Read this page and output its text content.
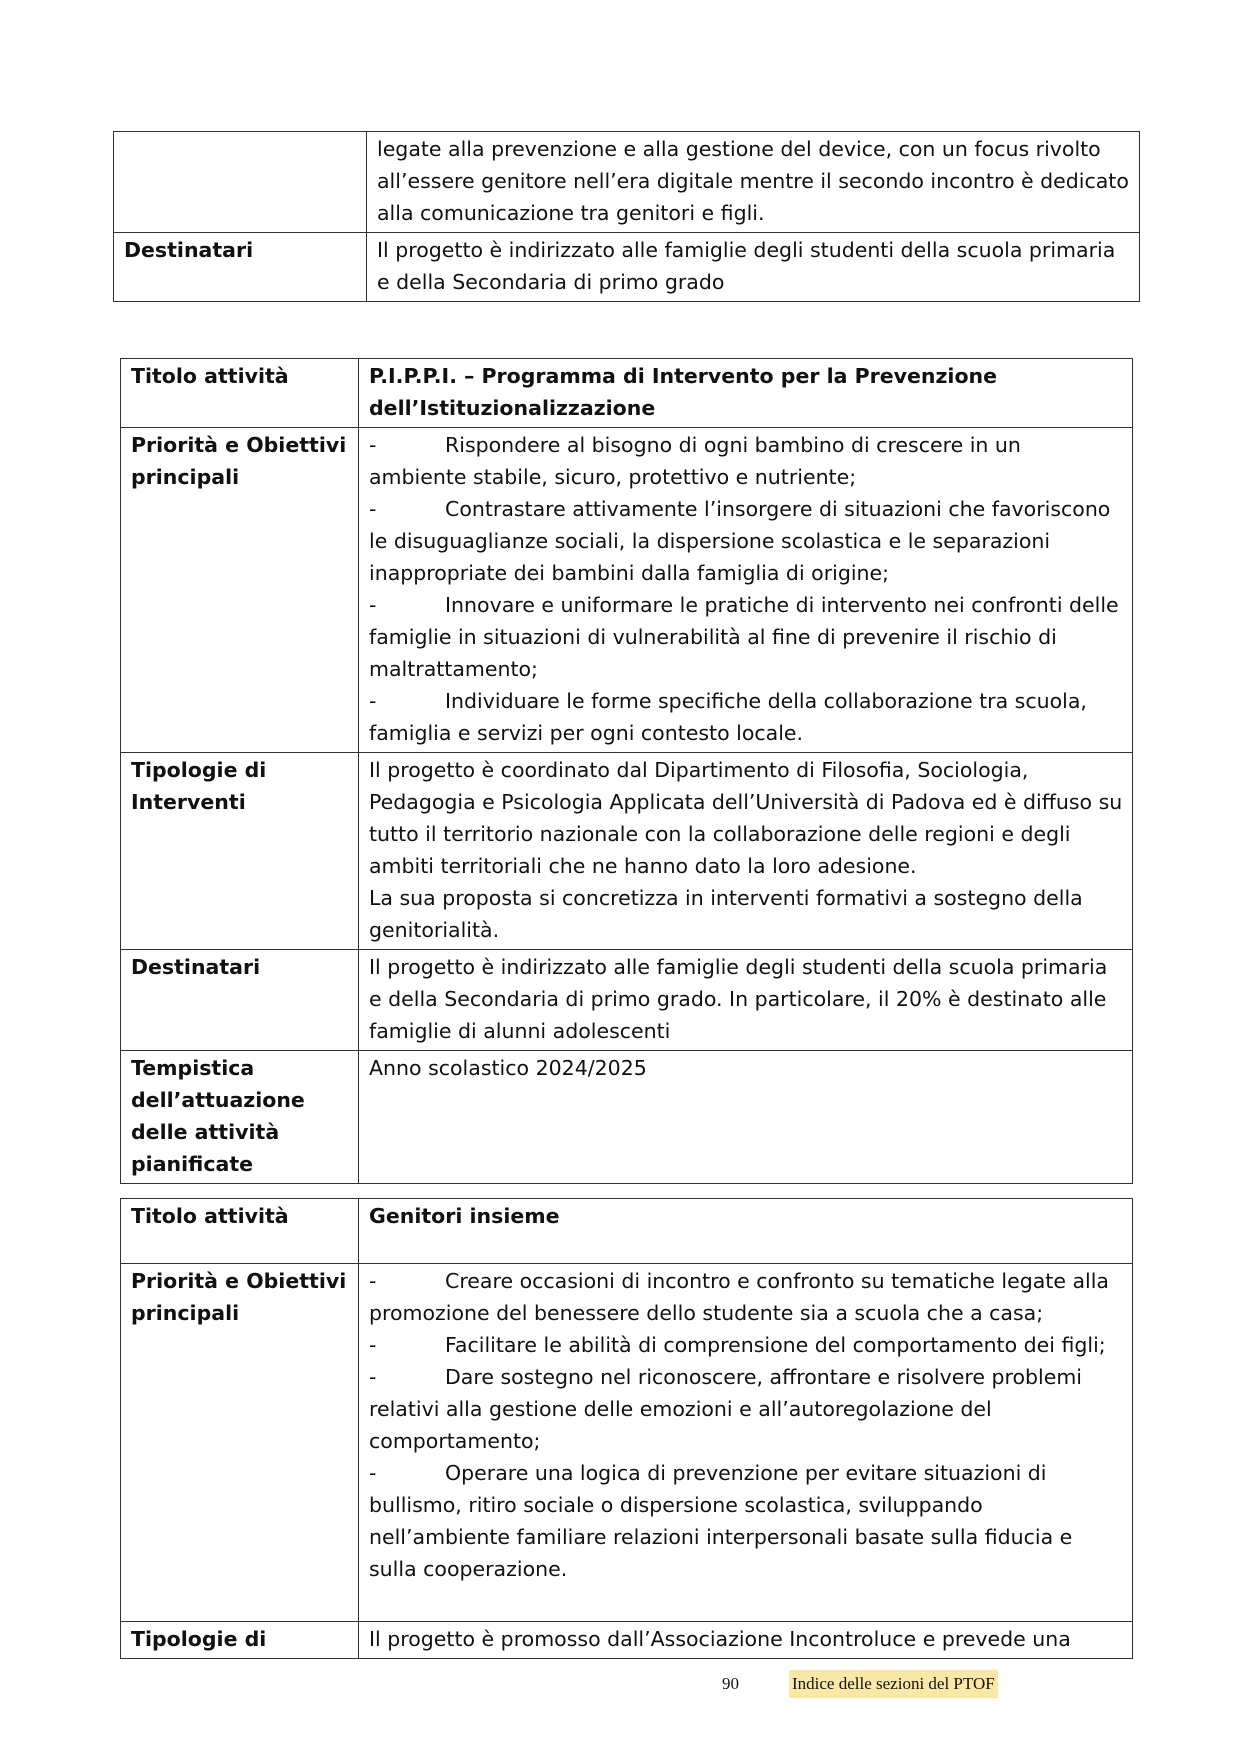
	legate alla prevenzione e alla gestione del device, con un focus rivolto all’essere genitore nell’era digitale mentre il secondo incontro è dedicato alla comunicazione tra genitori e figli.
Destinatari	Il progetto è indirizzato alle famiglie degli studenti della scuola primaria e della Secondaria di primo grado
Titolo attività	P.I.P.P.I. – Programma di Intervento per la Prevenzione dell’Istituzionalizzazione
Priorità e Obiettivi principali	- Rispondere al bisogno di ogni bambino di crescere in un ambiente stabile, sicuro, protettivo e nutriente;
- Contrastare attivamente l’insorgere di situazioni che favoriscono le disuguaglianze sociali, la dispersione scolastica e le separazioni inappropriate dei bambini dalla famiglia di origine;
- Innovare e uniformare le pratiche di intervento nei confronti delle famiglie in situazioni di vulnerabilità al fine di prevenire il rischio di maltrattamento;
- Individuare le forme specifiche della collaborazione tra scuola, famiglia e servizi per ogni contesto locale.

Tipologie di Interventi	Il progetto è coordinato dal Dipartimento di Filosofia, Sociologia, Pedagogia e Psicologia Applicata dell’Università di Padova ed è diffuso su tutto il territorio nazionale con la collaborazione delle regioni e degli ambiti territoriali che ne hanno dato la loro adesione.
La sua proposta si concretizza in interventi formativi a sostegno della genitorialità.

Destinatari	Il progetto è indirizzato alle famiglie degli studenti della scuola primaria e della Secondaria di primo grado. In particolare, il 20% è destinato alle famiglie di alunni adolescenti
Tempistica dell’attuazione delle attività pianificate	Anno scolastico 2024/2025
Titolo attività	Genitori insieme
Priorità e Obiettivi principali	- Creare occasioni di incontro e confronto su tematiche legate alla promozione del benessere dello studente sia a scuola che a casa;
- Facilitare le abilità di comprensione del comportamento dei figli;
- Dare sostegno nel riconoscere, affrontare e risolvere problemi relativi alla gestione delle emozioni e all’autoregolazione del comportamento;
- Operare una logica di prevenzione per evitare situazioni di bullismo, ritiro sociale o dispersione scolastica, sviluppando nell’ambiente familiare relazioni interpersonali basate sulla fiducia e sulla cooperazione.

Tipologie di	Il progetto è promosso dall’Associazione Incontroluce e prevede una
90	Indice delle sezioni del PTOF
